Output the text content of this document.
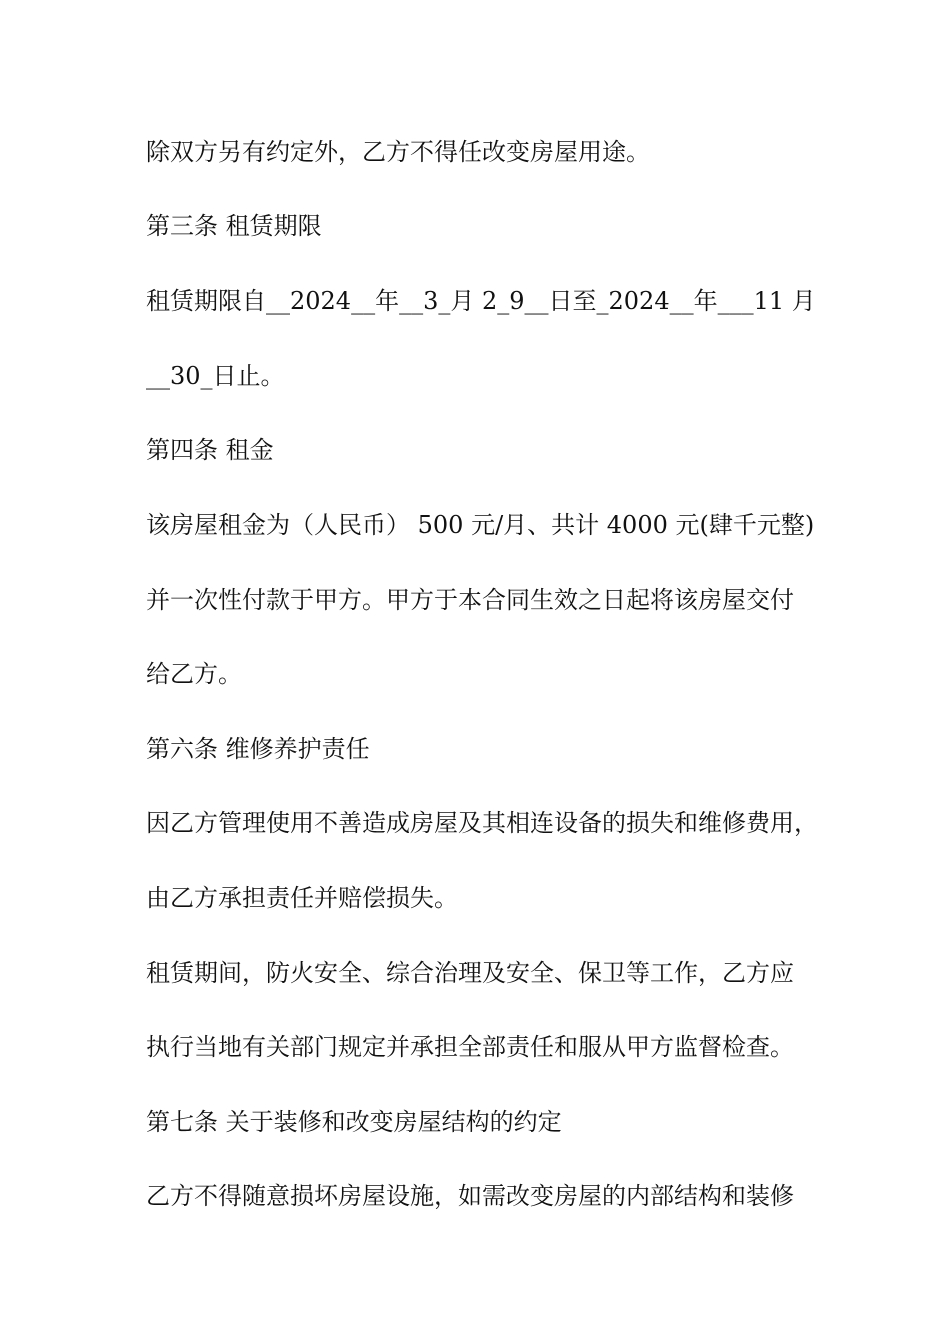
除双方另有约定外，乙方不得任改变房屋用途。
第三条 租赁期限
租赁期限自__2024__年__3_月 2_9__日至_2024__年___11 月
__30_日止。
第四条 租金
该房屋租金为（人民币） 500 元/月、共计 4000 元(肆千元整)
并一次性付款于甲方。甲方于本合同生效之日起将该房屋交付
给乙方。
第六条 维修养护责任
因乙方管理使用不善造成房屋及其相连设备的损失和维修费用，
由乙方承担责任并赔偿损失。
租赁期间，防火安全、综合治理及安全、保卫等工作，乙方应
执行当地有关部门规定并承担全部责任和服从甲方监督检查。
第七条 关于装修和改变房屋结构的约定
乙方不得随意损坏房屋设施，如需改变房屋的内部结构和装修
